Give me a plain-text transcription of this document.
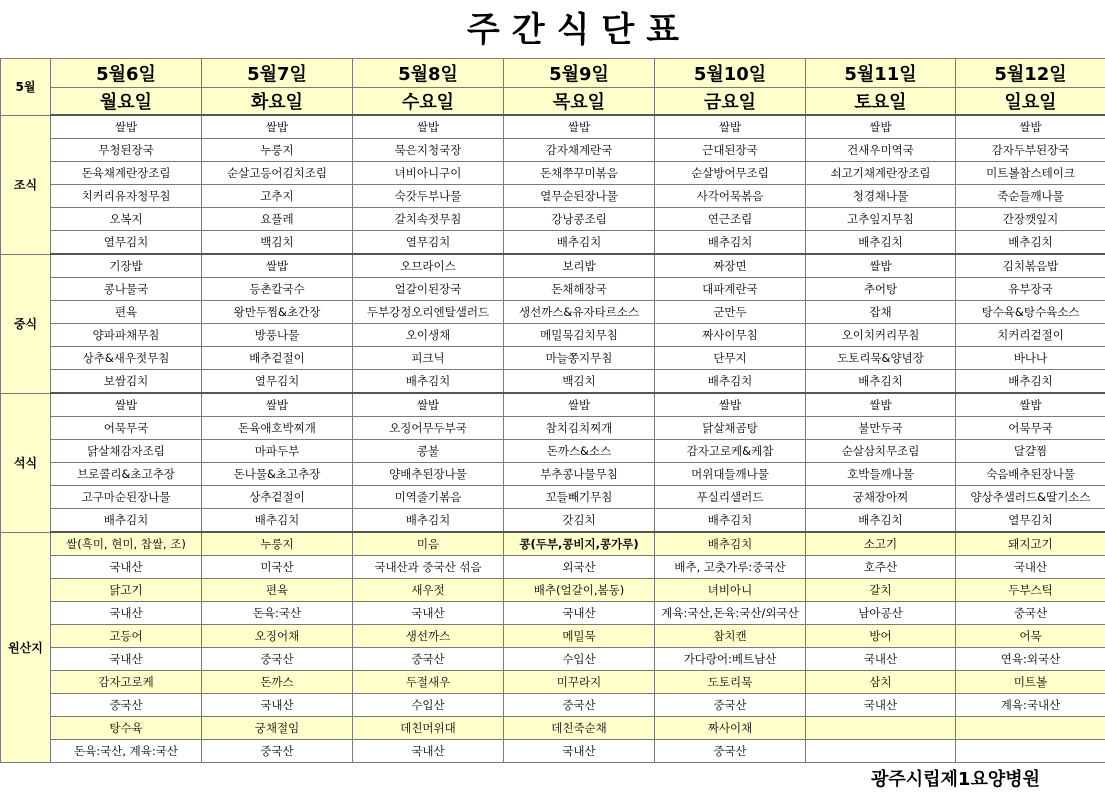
주간식단표
5월	5월6일	5월7일	5월8일	5월9일	5월10일	5월11일	5월12일
	월요일	화요일	수요일	목요일	금요일	토요일	일요일
조식	쌀밥	쌀밥	쌀밥	쌀밥	쌀밥	쌀밥	쌀밥
	무청된장국	누룽지	묵은지청국장	감자채계란국	근대된장국	건새우미역국	감자두부된장국
	돈육채계란장조림	순살고등어김치조림	녀비아니구이	돈채쭈꾸미볶음	순살방어무조림	쇠고기채계란장조림	미트볼참스테이크
	치커리유자청무침	고추지	숙갓두부나물	열무순된장나물	사각어묵볶음	청경채나물	죽순들깨나물
	오복지	요플레	갈치속젓무침	강낭콩조림	연근조림	고추잎지무침	간장깻잎지
	열무김치	백김치	열무김치	배추김치	배추김치	배추김치	배추김치
중식	기장밥	쌀밥	오므라이스	보리밥	짜장면	쌀밥	김치볶음밥
	콩나물국	등촌칼국수	얼갈이된장국	돈채해장국	대파계란국	추어탕	유부장국
	편육	왕만두찜&초간장	두부강정오리엔탈샐러드	생선까스&유자타르소스	군만두	잡채	탕수육&탕수육소스
	양파파채무침	방풍나물	오이생채	메밀묵김치무침	짜사이무침	오이치커리무침	치커리겉절이
	상추&새우젓무침	배추겉절이	피크닉	마늘쫑지무침	단무지	도토리묵&양념장	바나나
	보쌈김치	열무김치	배추김치	백김치	배추김치	배추김치	배추김치
석식	쌀밥	쌀밥	쌀밥	쌀밥	쌀밥	쌀밥	쌀밥
	어묵무국	돈육애호박찌개	오징어무두부국	참치김치찌개	닭살채곰탕	불만두국	어묵무국
	닭살채감자조림	마파두부	콩불	돈까스&소스	감자고로케&케찹	순살삼치무조림	달걀찜
	브로콜리&초고추장	돈나물&초고추장	양배추된장나물	부추콩나물무침	머위대들깨나물	호박들깨나물	숙음배추된장나물
	고구마순된장나물	상추겉절이	미역줄기볶음	꼬들빼기무침	푸실리샐러드	궁채장아찌	양상추샐러드&딸기소스
	배추김치	배추김치	배추김치	갓김치	배추김치	배추김치	열무김치
원산지	쌀(흑미, 현미, 찹쌀, 조)	누룽지	미음	콩(두부,콩비지,콩가루)	배추김치	소고기	돼지고기
	국내산	미국산	국내산과 중국산 섞음	외국산	배추, 고춧가루:중국산	호주산	국내산
	닭고기	편육	새우젓	배추(얼갈이,봄동)	녀비아니	갈치	두부스틱
	국내산	돈육:국산	국내산	국내산	계육:국산,돈육:국산/외국산	남아공산	중국산
	고등어	오징어채	생선까스	메밀묵	참치캔	방어	어묵
	국내산	중국산	중국산	수입산	가다랑어:베트남산	국내산	연육:외국산
	감자고로케	돈까스	두절새우	미꾸라지	도토리묵	삼치	미트볼
	중국산	국내산	수입산	중국산	중국산	국내산	계육:국내산
	탕수육	궁채절임	데친머위대	데친죽순채	짜사이채		
	돈육:국산, 계육:국산	중국산	국내산	국내산	중국산		
광주시립제1요양병원
